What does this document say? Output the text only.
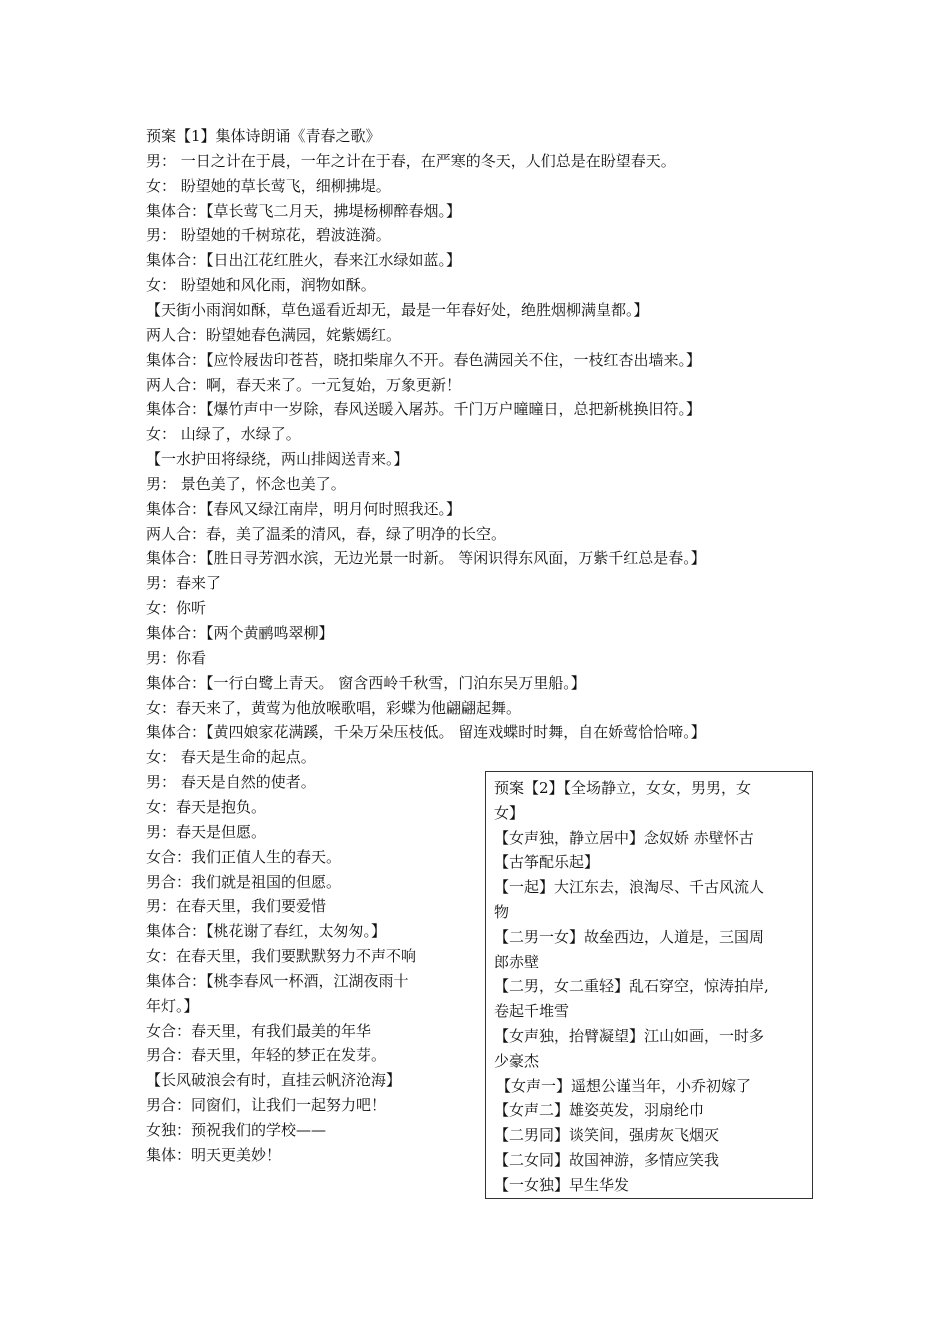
预案【1】集体诗朗诵《青春之歌》
男： 一日之计在于晨，一年之计在于春，在严寒的冬天，人们总是在盼望春天。
女： 盼望她的草长莺飞，细柳拂堤。
集体合：【草长莺飞二月天，拂堤杨柳醉春烟。】
男： 盼望她的千树琼花，碧波涟漪。
集体合：【日出江花红胜火，春来江水绿如蓝。】
女： 盼望她和风化雨，润物如酥。
【天街小雨润如酥，草色遥看近却无，最是一年春好处，绝胜烟柳满皇都。】
两人合：盼望她春色满园，姹紫嫣红。
集体合：【应怜屐齿印苍苔，晓扣柴扉久不开。春色满园关不住，一枝红杏出墙来。】
两人合：啊，春天来了。一元复始，万象更新！
集体合：【爆竹声中一岁除，春风送暖入屠苏。千门万户曈曈日，总把新桃换旧符。】
女： 山绿了，水绿了。
【一水护田将绿绕，两山排闼送青来。】
男： 景色美了，怀念也美了。
集体合：【春风又绿江南岸，明月何时照我还。】
两人合：春，美了温柔的清风，春，绿了明净的长空。
集体合：【胜日寻芳泗水滨，无边光景一时新。 等闲识得东风面，万紫千红总是春。】
男：春来了
女：你听
集体合：【两个黄鹂鸣翠柳】
男：你看
集体合：【一行白鹭上青天。 窗含西岭千秋雪，门泊东吴万里船。】
女：春天来了，黄莺为他放喉歌唱，彩蝶为他翩翩起舞。
集体合：【黄四娘家花满蹊，千朵万朵压枝低。 留连戏蝶时时舞，自在娇莺恰恰啼。】
女： 春天是生命的起点。
男： 春天是自然的使者。
女：春天是抱负。
男：春天是但愿。
女合：我们正值人生的春天。
男合：我们就是祖国的但愿。
男：在春天里，我们要爱惜
集体合：【桃花谢了春红，太匆匆。】
女：在春天里，我们要默默努力不声不响
集体合：【桃李春风一杯酒，江湖夜雨十
年灯。】
女合：春天里，有我们最美的年华
男合：春天里，年轻的梦正在发芽。
【长风破浪会有时，直挂云帆济沧海】
男合：同窗们，让我们一起努力吧！
女独：预祝我们的学校——
集体：明天更美妙！
预案【2】【全场静立，女女，男男，女
女】
【女声独，静立居中】念奴娇 赤壁怀古
【古筝配乐起】
【一起】大江东去，浪淘尽、千古风流人
物
【二男一女】故垒西边，人道是，三国周
郎赤壁
【二男，女二重轻】乱石穿空，惊涛拍岸,
卷起千堆雪
【女声独，抬臂凝望】江山如画，一时多
少豪杰
【女声一】遥想公谨当年，小乔初嫁了
【女声二】雄姿英发，羽扇纶巾
【二男同】谈笑间，强虏灰飞烟灭
【二女同】故国神游，多情应笑我
【一女独】早生华发
